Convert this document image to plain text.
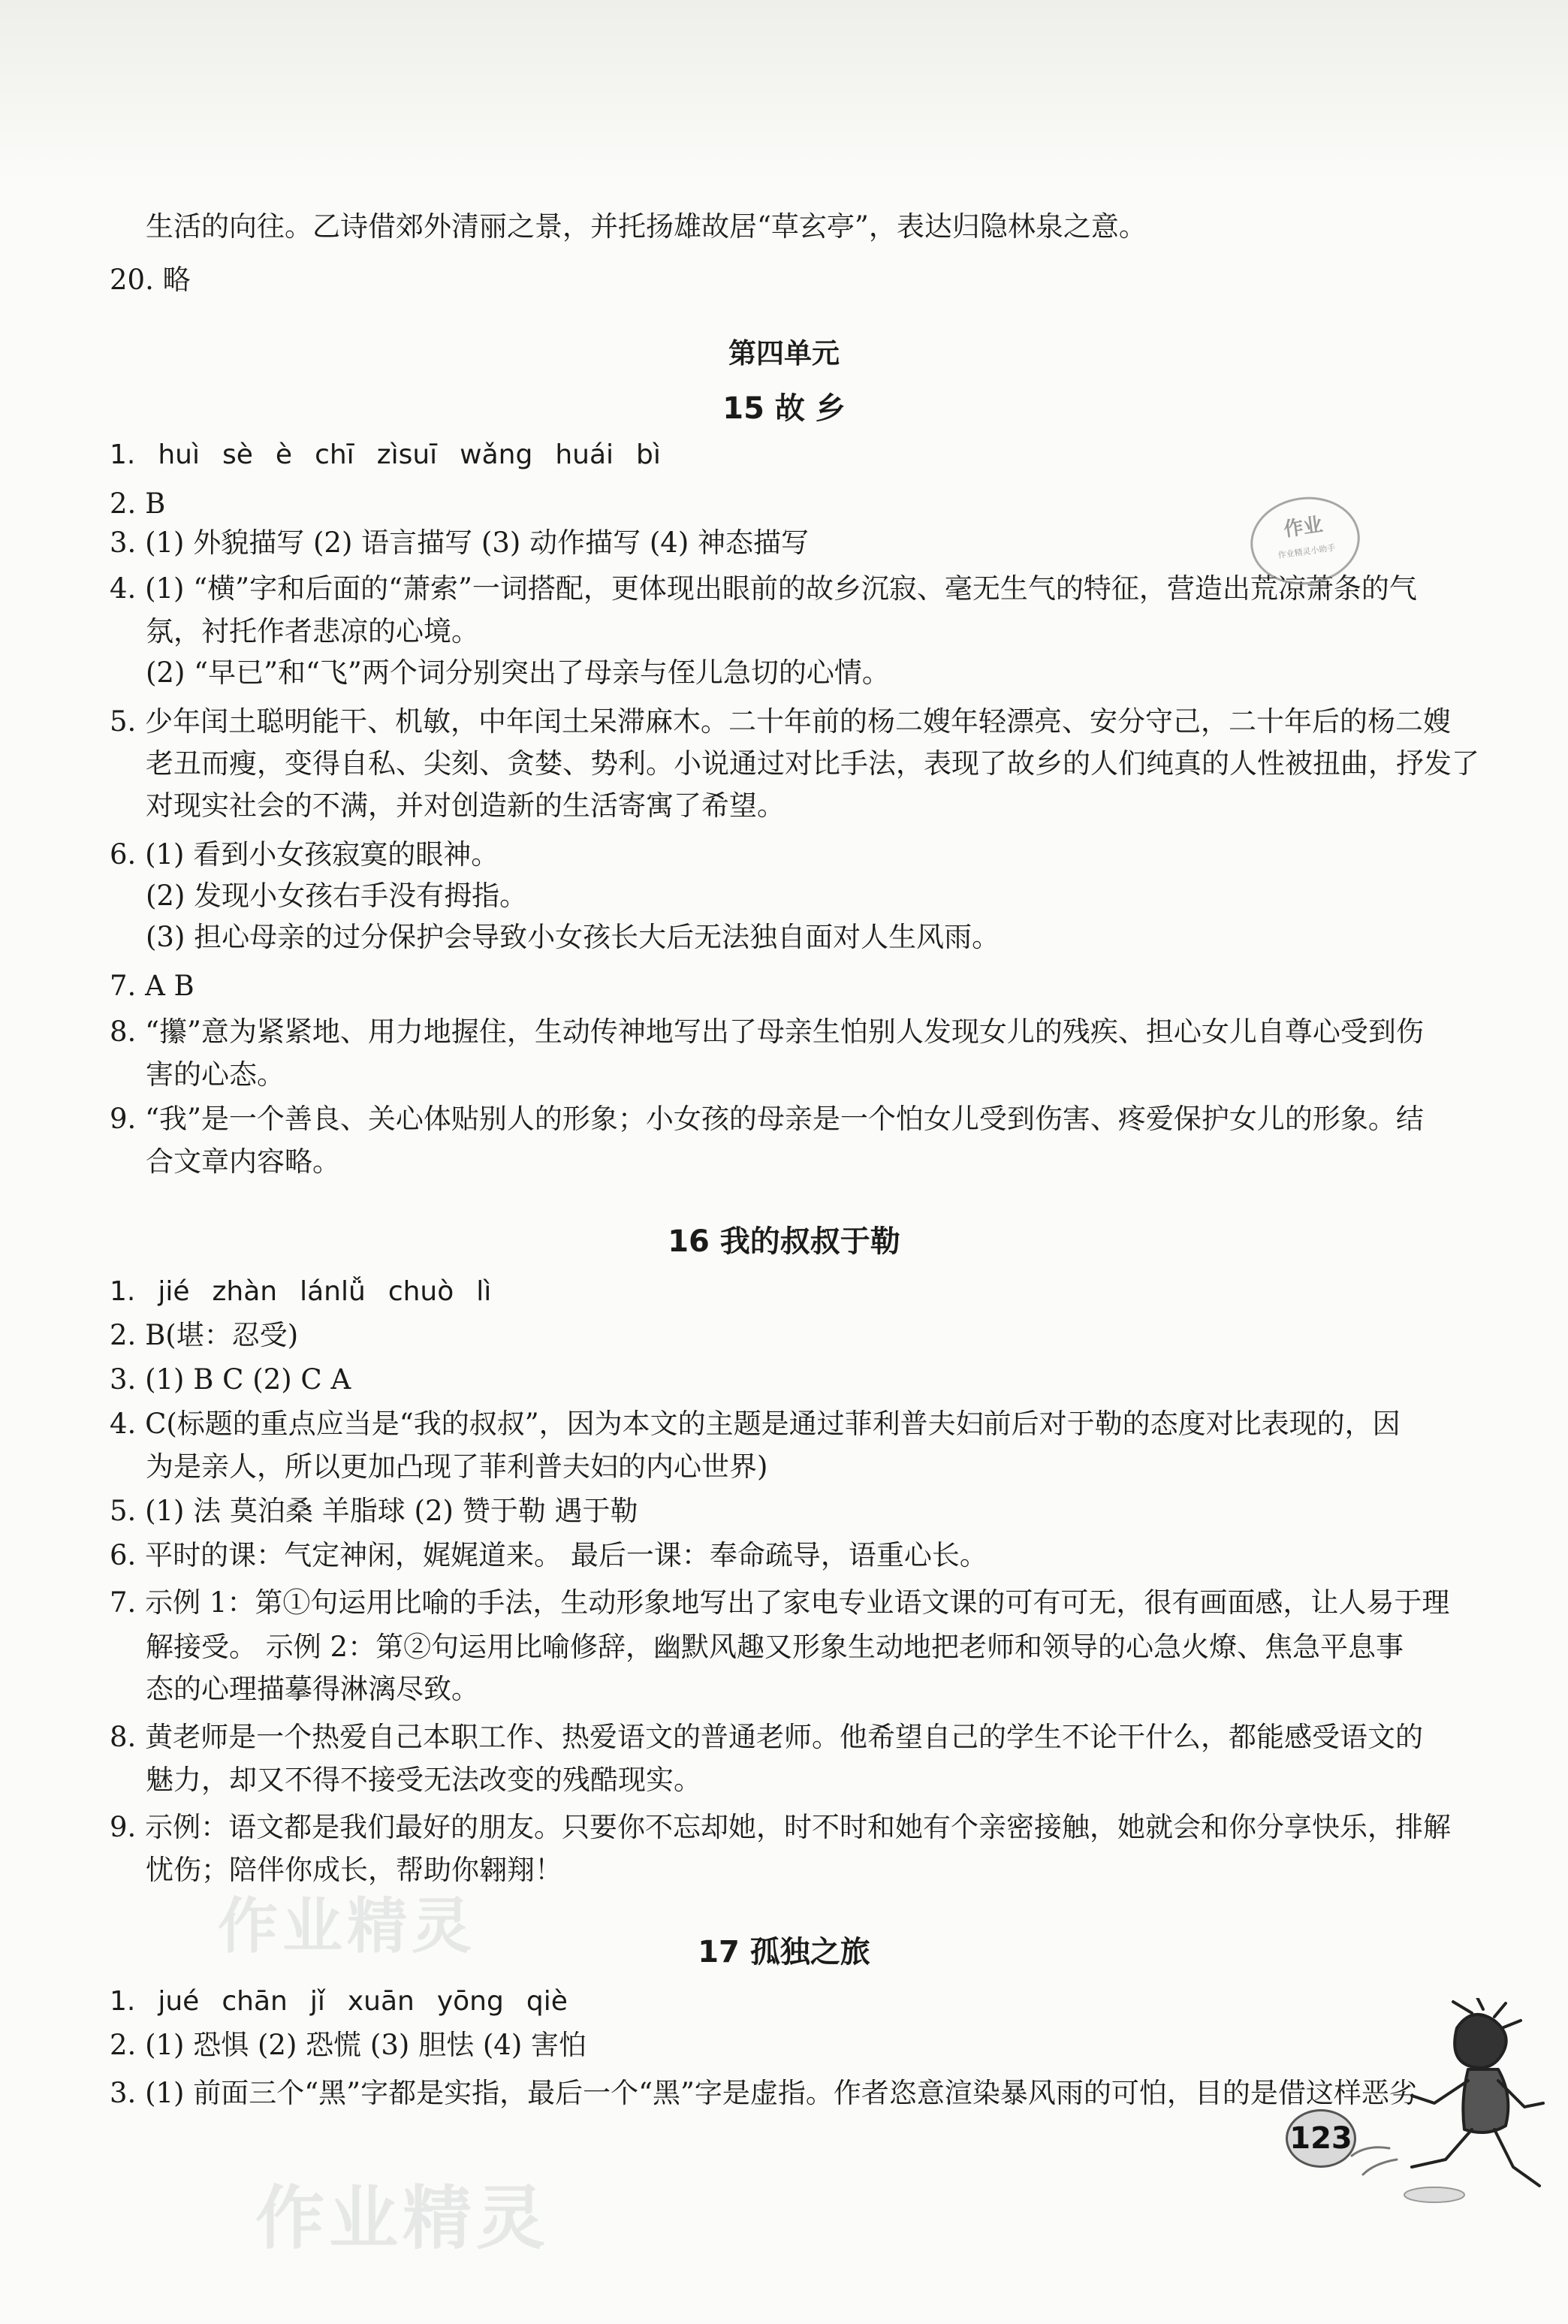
生活的向往。乙诗借郊外清丽之景，并托扬雄故居“草玄亭”，表达归隐林泉之意。
20. 略
第四单元
15 故 乡
1. huì sè è chī zìsuī wǎng huái bì
2. B
3. (1) 外貌描写 (2) 语言描写 (3) 动作描写 (4) 神态描写
4. (1) “横”字和后面的“萧索”一词搭配，更体现出眼前的故乡沉寂、毫无生气的特征，营造出荒凉萧条的气
氛，衬托作者悲凉的心境。
(2) “早已”和“飞”两个词分别突出了母亲与侄儿急切的心情。
5. 少年闰土聪明能干、机敏，中年闰土呆滞麻木。二十年前的杨二嫂年轻漂亮、安分守己，二十年后的杨二嫂
老丑而瘦，变得自私、尖刻、贪婪、势利。小说通过对比手法，表现了故乡的人们纯真的人性被扭曲，抒发了
对现实社会的不满，并对创造新的生活寄寓了希望。
6. (1) 看到小女孩寂寞的眼神。
(2) 发现小女孩右手没有拇指。
(3) 担心母亲的过分保护会导致小女孩长大后无法独自面对人生风雨。
7. A B
8. “攥”意为紧紧地、用力地握住，生动传神地写出了母亲生怕别人发现女儿的残疾、担心女儿自尊心受到伤
害的心态。
9. “我”是一个善良、关心体贴别人的形象；小女孩的母亲是一个怕女儿受到伤害、疼爱保护女儿的形象。结
合文章内容略。
16 我的叔叔于勒
1. jié zhàn lánlǚ chuò lì
2. B(堪：忍受)
3. (1) B C (2) C A
4. C(标题的重点应当是“我的叔叔”，因为本文的主题是通过菲利普夫妇前后对于勒的态度对比表现的，因
为是亲人，所以更加凸现了菲利普夫妇的内心世界)
5. (1) 法 莫泊桑 羊脂球 (2) 赞于勒 遇于勒
6. 平时的课：气定神闲，娓娓道来。 最后一课：奉命疏导，语重心长。
7. 示例 1：第①句运用比喻的手法，生动形象地写出了家电专业语文课的可有可无，很有画面感，让人易于理
解接受。 示例 2：第②句运用比喻修辞，幽默风趣又形象生动地把老师和领导的心急火燎、焦急平息事
态的心理描摹得淋漓尽致。
8. 黄老师是一个热爱自己本职工作、热爱语文的普通老师。他希望自己的学生不论干什么，都能感受语文的
魅力，却又不得不接受无法改变的残酷现实。
9. 示例：语文都是我们最好的朋友。只要你不忘却她，时不时和她有个亲密接触，她就会和你分享快乐，排解
忧伤；陪伴你成长，帮助你翱翔！
17 孤独之旅
1. jué chān jǐ xuān yōng qiè
2. (1) 恐惧 (2) 恐慌 (3) 胆怯 (4) 害怕
3. (1) 前面三个“黑”字都是实指，最后一个“黑”字是虚指。作者恣意渲染暴风雨的可怕，目的是借这样恶劣
作业
作业精灵小助手
作业精灵
作业精灵
123
